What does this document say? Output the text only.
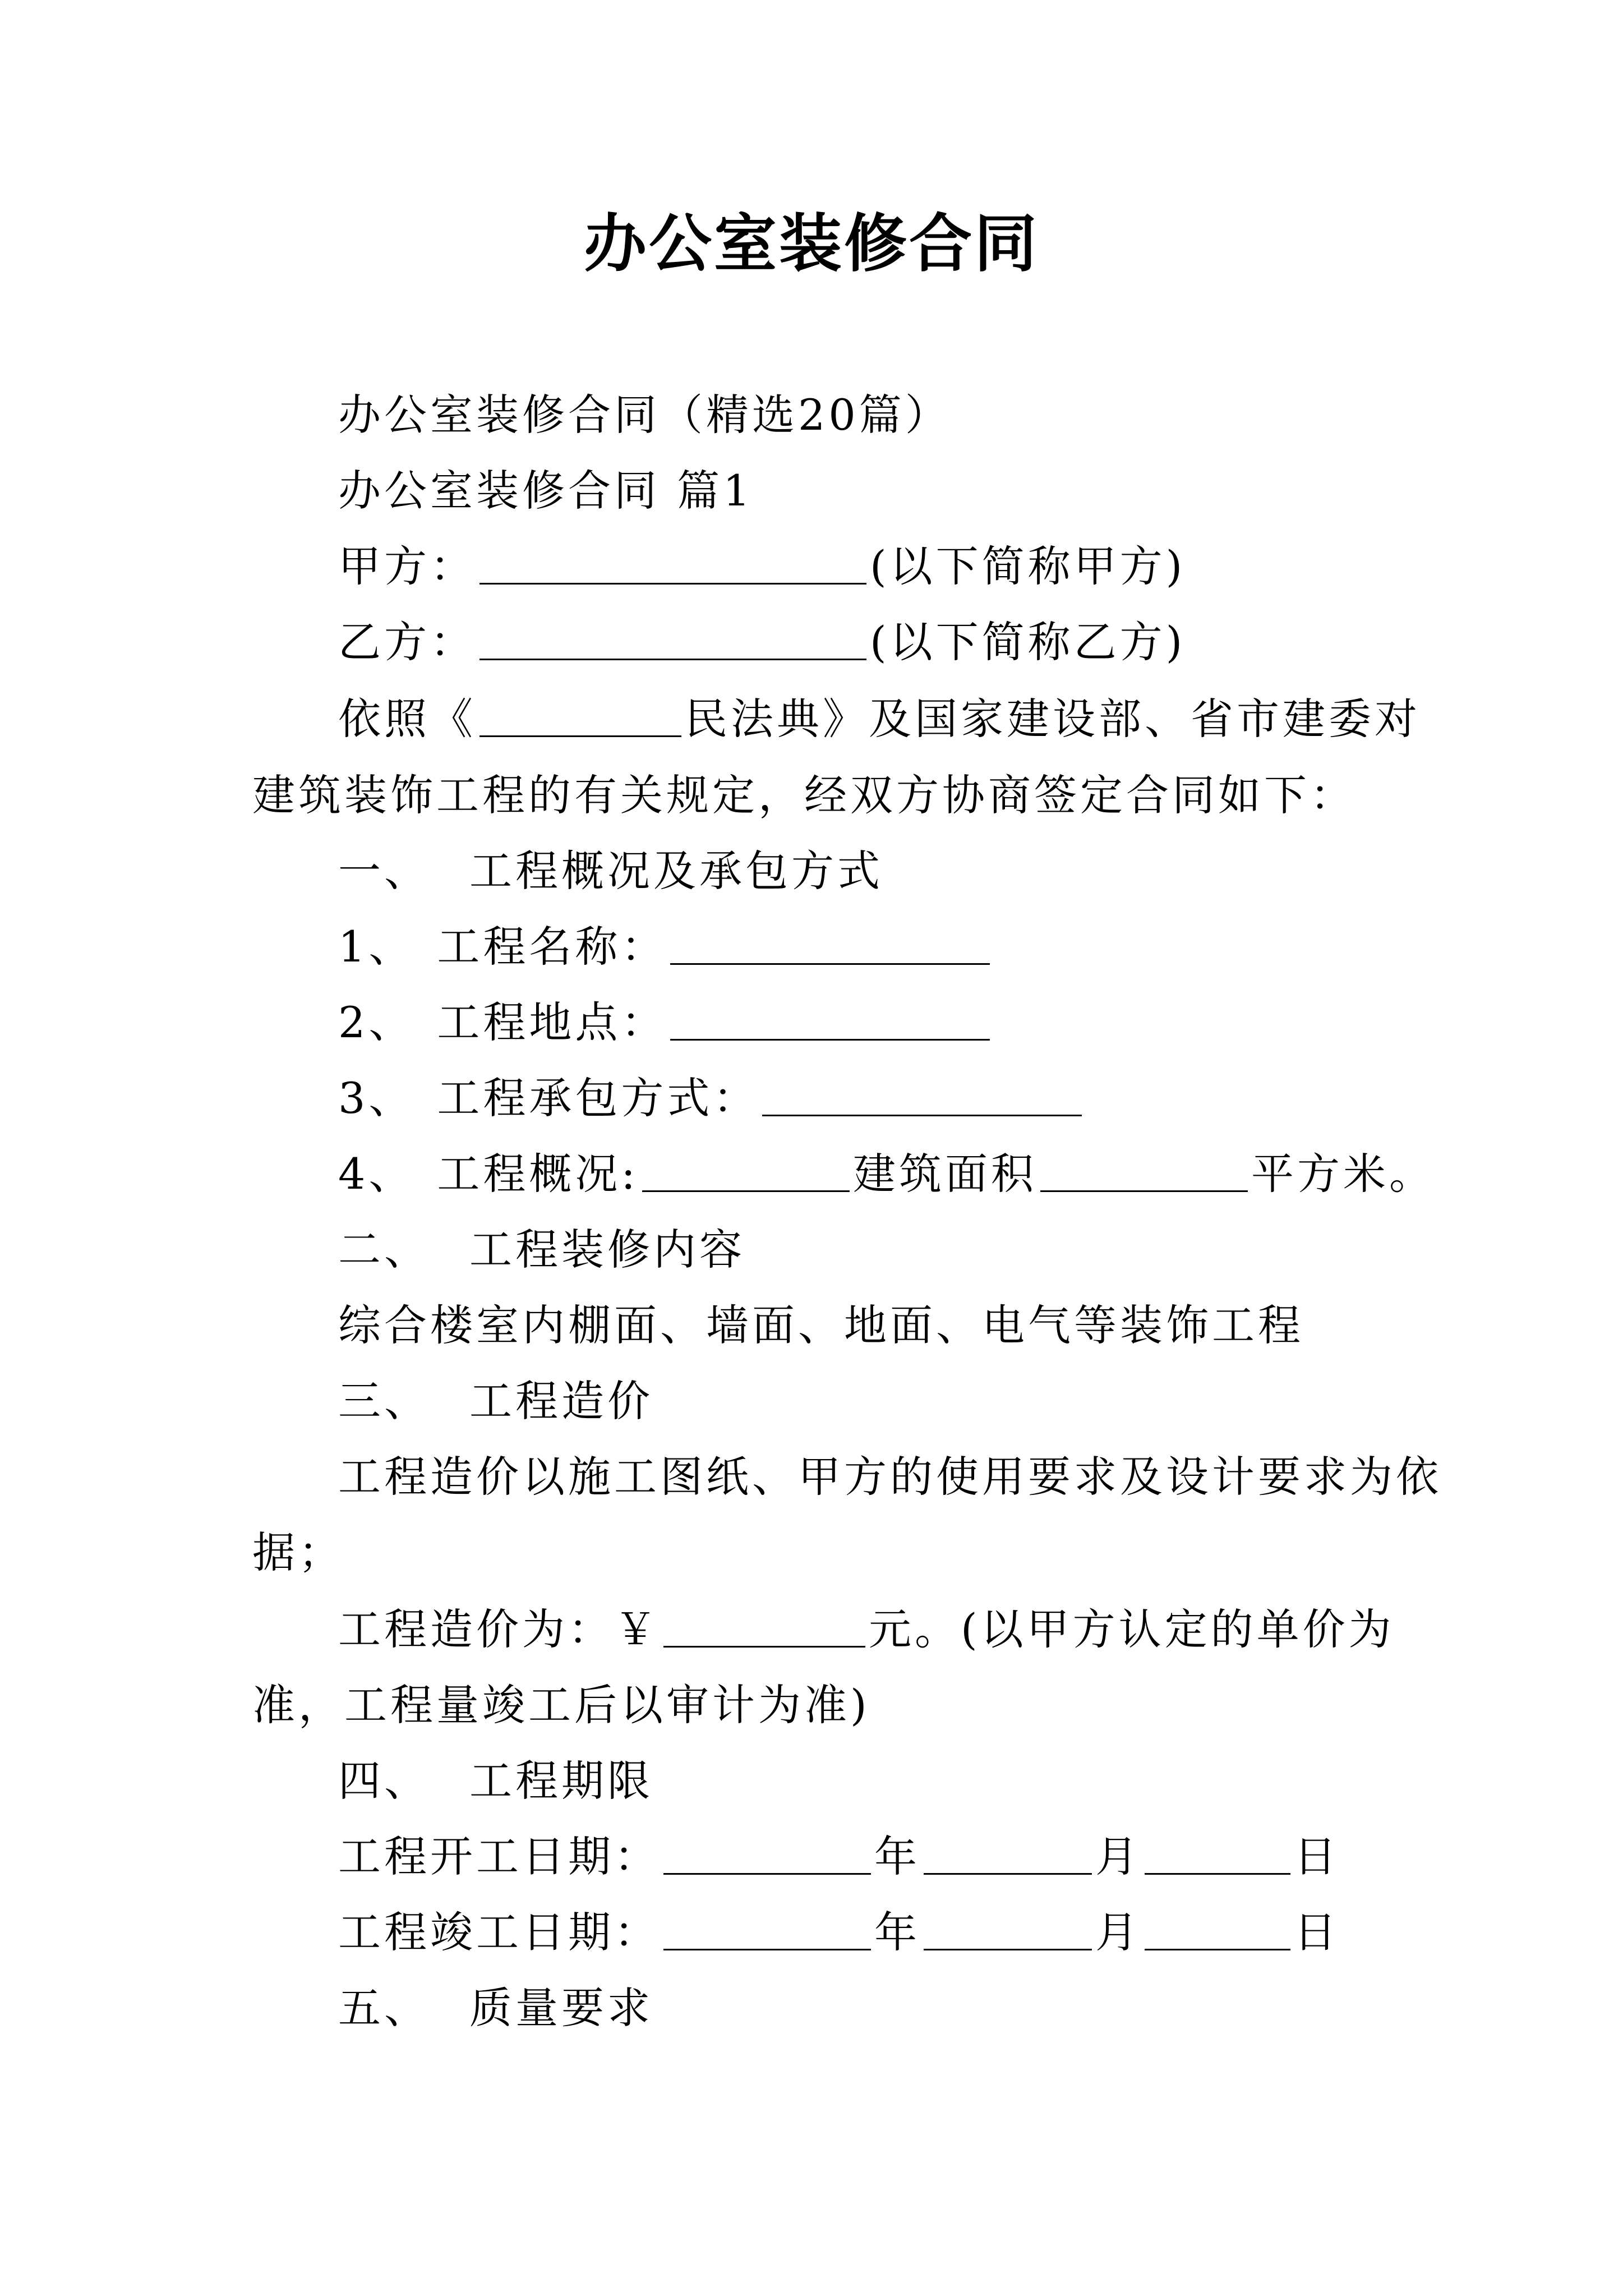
办公室装修合同
办公室装修合同（精选20篇）
办公室装修合同 篇1
甲方：	(以下简称甲方)
乙方：	(以下简称乙方)
依照《	民法典》及国家建设部、省市建委对
建筑装饰工程的有关规定，经双方协商签定合同如下：
一、 工程概况及承包方式
1、 工程名称：
2、 工程地点：
3、 工程承包方式：
4、 工程概况:	建筑面积	平方米。
二、 工程装修内容
综合楼室内棚面、墙面、地面、电气等装饰工程
三、 工程造价
工程造价以施工图纸、甲方的使用要求及设计要求为依
据；
工程造价为：￥	元。(以甲方认定的单价为
准，工程量竣工后以审计为准)
四、 工程期限
工程开工日期：	年	月	日
工程竣工日期：	年	月	日
五、 质量要求
